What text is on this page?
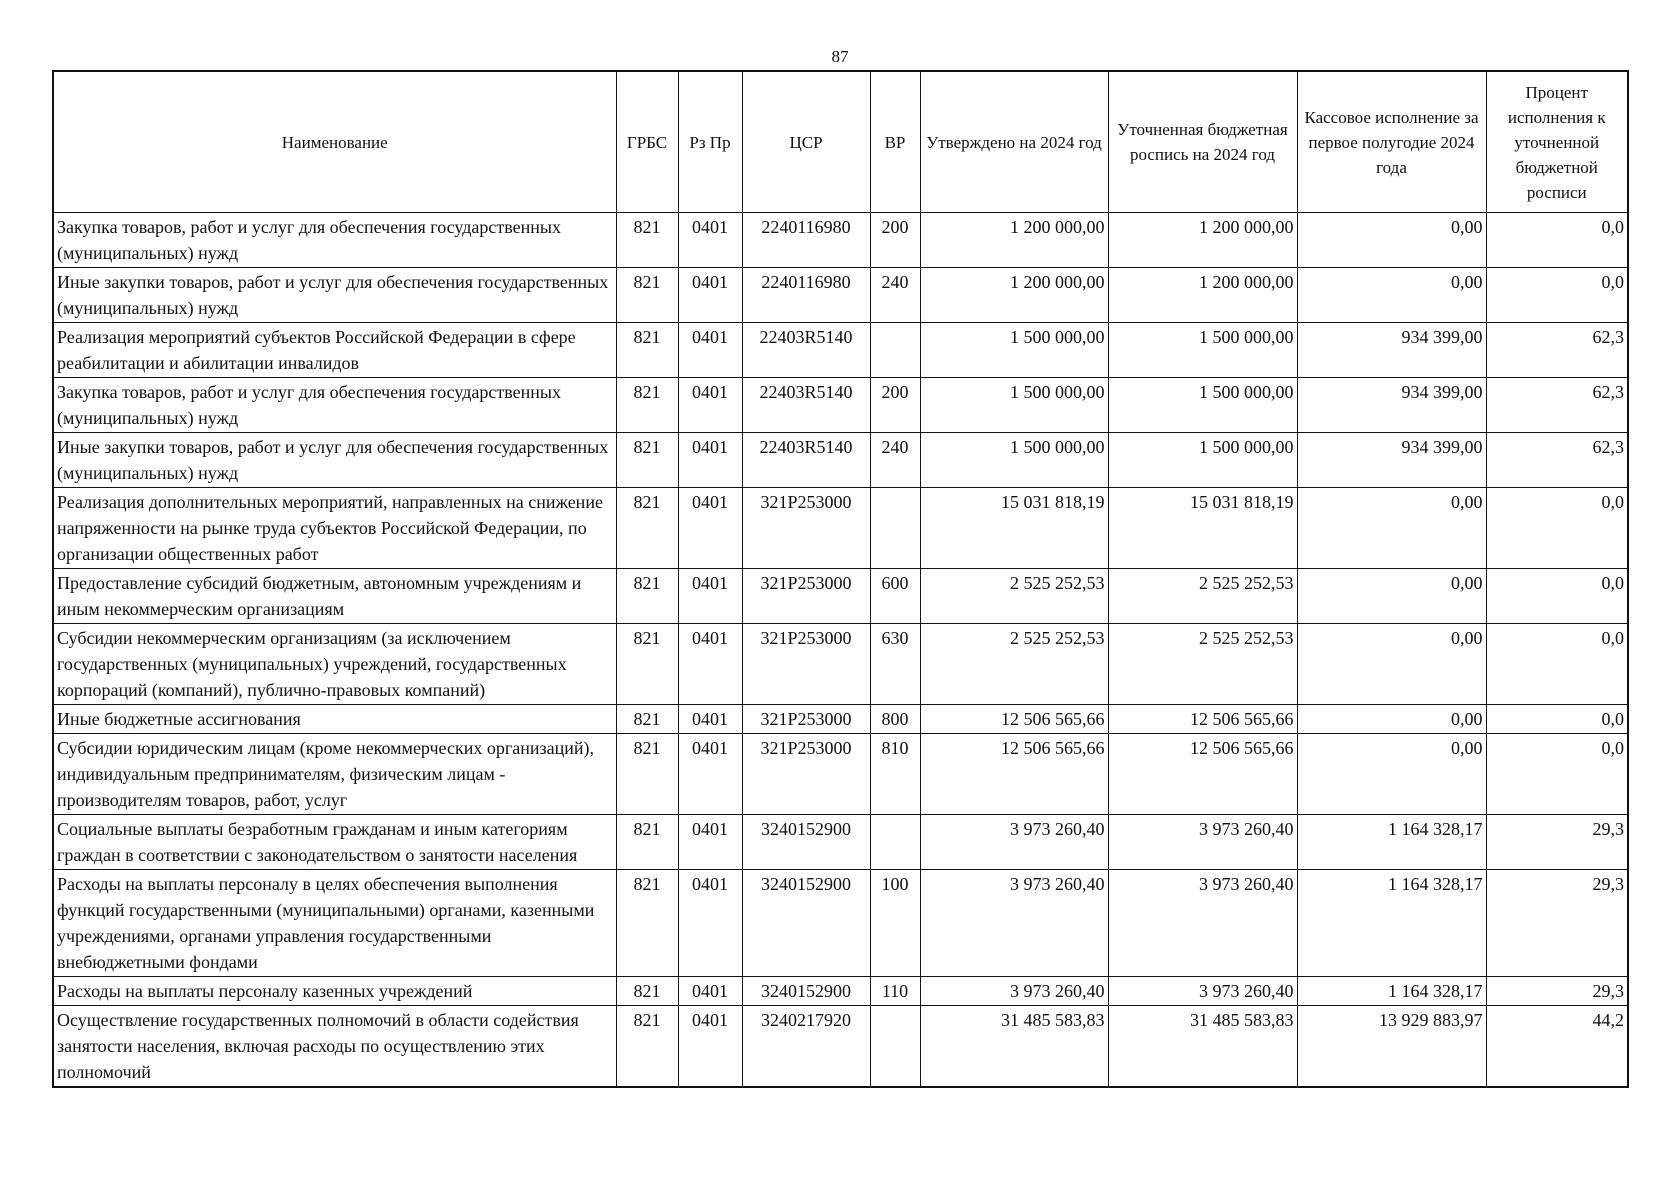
87
Наименование	ГРБС	Рз Пр	ЦСР	ВР	Утверждено на 2024 год	Уточненная бюджетная роспись на 2024 год	Кассовое исполнение за первое полугодие 2024 года	Процент исполнения к уточненной бюджетной росписи
Закупка товаров, работ и услуг для обеспечения государственных (муниципальных) нужд	821	0401	2240116980	200	1 200 000,00	1 200 000,00	0,00	0,0
Иные закупки товаров, работ и услуг для обеспечения государственных (муниципальных) нужд	821	0401	2240116980	240	1 200 000,00	1 200 000,00	0,00	0,0
Реализация мероприятий субъектов Российской Федерации в сфере реабилитации и абилитации инвалидов	821	0401	22403R5140		1 500 000,00	1 500 000,00	934 399,00	62,3
Закупка товаров, работ и услуг для обеспечения государственных (муниципальных) нужд	821	0401	22403R5140	200	1 500 000,00	1 500 000,00	934 399,00	62,3
Иные закупки товаров, работ и услуг для обеспечения государственных (муниципальных) нужд	821	0401	22403R5140	240	1 500 000,00	1 500 000,00	934 399,00	62,3
Реализация дополнительных мероприятий, направленных на снижение напряженности на рынке труда субъектов Российской Федерации, по организации общественных работ	821	0401	321P253000		15 031 818,19	15 031 818,19	0,00	0,0
Предоставление субсидий бюджетным, автономным учреждениям и иным некоммерческим организациям	821	0401	321P253000	600	2 525 252,53	2 525 252,53	0,00	0,0
Субсидии некоммерческим организациям (за исключением государственных (муниципальных) учреждений, государственных корпораций (компаний), публично-правовых компаний)	821	0401	321P253000	630	2 525 252,53	2 525 252,53	0,00	0,0
Иные бюджетные ассигнования	821	0401	321P253000	800	12 506 565,66	12 506 565,66	0,00	0,0
Субсидии юридическим лицам (кроме некоммерческих организаций), индивидуальным предпринимателям, физическим лицам - производителям товаров, работ, услуг	821	0401	321P253000	810	12 506 565,66	12 506 565,66	0,00	0,0
Социальные выплаты безработным гражданам и иным категориям граждан в соответствии с законодательством о занятости населения	821	0401	3240152900		3 973 260,40	3 973 260,40	1 164 328,17	29,3
Расходы на выплаты персоналу в целях обеспечения выполнения функций государственными (муниципальными) органами, казенными учреждениями, органами управления государственными внебюджетными фондами	821	0401	3240152900	100	3 973 260,40	3 973 260,40	1 164 328,17	29,3
Расходы на выплаты персоналу казенных учреждений	821	0401	3240152900	110	3 973 260,40	3 973 260,40	1 164 328,17	29,3
Осуществление государственных полномочий в области содействия занятости населения, включая расходы по осуществлению этих полномочий	821	0401	3240217920		31 485 583,83	31 485 583,83	13 929 883,97	44,2
